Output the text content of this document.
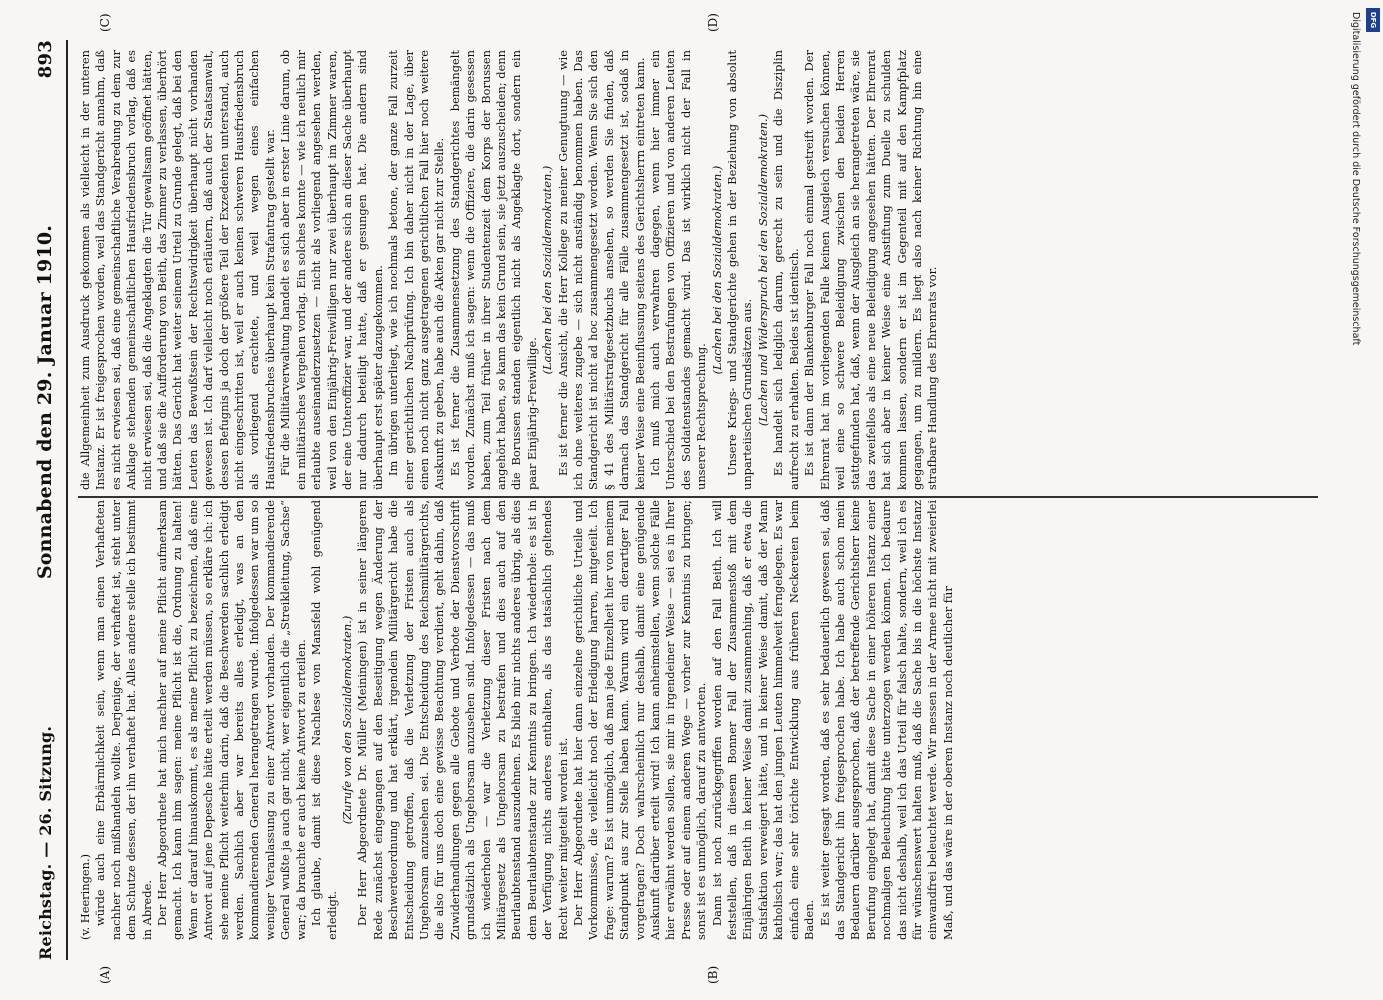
Reichstag. — 26. Sitzung.
Sonnabend den 29. Januar 1910.
893
(A)	(B)
(C)	(D)

(v. Heeringen.) würde auch eine Erbärmlichkeit sein, wenn man einen Verhafteten nachher noch mißhandeln wollte. Derjenige, der verhaftet ist, steht unter dem Schutze dessen, der ihn verhaftet hat. Alles andere stelle ich bestimmt in Abrede. Der Herr Abgeordnete hat mich nachher auf meine Pflicht aufmerksam gemacht. Ich kann ihm sagen: meine Pflicht ist die, Ordnung zu halten! Wenn er darauf hinauskommt, es als meine Pflicht zu bezeichnen, daß eine Antwort auf jene Depesche hätte erteilt werden müssen, so erkläre ich: ich sehe meine Pflicht weiterhin darin, daß die Beschwerden sachlich erledigt werden. Sachlich aber war bereits alles erledigt, was an den kommandierenden General herangetragen wurde. Infolgedessen war um so weniger Veranlassung zu einer Antwort vorhanden. Der kommandierende General wußte ja auch gar nicht, wer eigentlich die „Streikleitung, Sachse“ war; da brauchte er auch keine Antwort zu erteilen. Ich glaube, damit ist diese Nachlese von Mansfeld wohl genügend erledigt.

(Zurufe von den Sozialdemokraten.) Der Herr Abgeordnete Dr. Müller (Meiningen) ist in seiner längeren Rede zunächst eingegangen auf den Beseitigung wegen Änderung der Beschwerdeordnung und hat erklärt, irgendein Militärgericht habe die Entscheidung getroffen, daß die Verletzung der Fristen auch als Ungehorsam anzusehen sei. Die Entscheidung des Reichsmilitärgerichts, die also für uns doch eine gewisse Beachtung verdient, geht dahin, daß Zuwiderhandlungen gegen alle Gebote und Verbote der Dienstvorschrift grundsätzlich als Ungehorsam anzusehen sind. Infolgedessen — das muß ich wiederholen — war die Verletzung dieser Fristen nach dem Militärgesetz als Ungehorsam zu bestrafen und dies auch auf den Beurlaubtenstand auszudehnen. Es blieb mir nichts anderes übrig, als dies dem Beurlaubtenstande zur Kenntnis zu bringen. Ich wiederhole: es ist in der Verfügung nichts anderes enthalten, als das tatsächlich geltendes Recht weiter mitgeteilt worden ist. Der Herr Abgeordnete hat hier dann einzelne gerichtliche Urteile und Vorkommnisse, die vielleicht noch der Erledigung harren, mitgeteilt. Ich frage: warum? Es ist unmöglich, daß man jede Einzelheit hier von meinem Standpunkt aus zur Stelle haben kann. Warum wird ein derartiger Fall vorgetragen? Doch wahrscheinlich nur deshalb, damit eine genügende Auskunft darüber erteilt wird! Ich kann anheimstellen, wenn solche Fälle hier erwähnt werden sollen, sie mir in irgendeiner Weise — sei es in Ihrer Presse oder auf einem anderen Wege — vorher zur Kenntnis zu bringen; sonst ist es unmöglich, darauf zu antworten. Dann ist noch zurückgegriffen worden auf den Fall Beith. Ich will feststellen, daß in diesem Bonner Fall der Zusammenstoß mit dem Einjährigen Beith in keiner Weise damit zusammenhing, daß er etwa die Satisfaktion verweigert hätte, und in keiner Weise damit, daß der Mann katholisch war; das hat den jungen Leuten himmelweit ferngelegen. Es war einfach eine sehr törichte Entwicklung aus früheren Neckereien beim Baden. Es ist weiter gesagt worden, daß es sehr bedauerlich gewesen sei, daß das Standgericht ihn freigesprochen habe. Ich habe auch schon mein Bedauern darüber ausgesprochen, daß der betreffende Gerichtsherr keine Berufung eingelegt hat, damit diese Sache in einer höheren Instanz einer nochmaligen Beleuchtung hätte unterzogen werden können. Ich bedaure das nicht deshalb, weil ich das Urteil für falsch halte, sondern, weil ich es für wünschenswert halten muß, daß die Sache bis in die höchste Instanz einwandfrei beleuchtet werde. Wir messen in der Armee nicht mit zweierlei Maß, und das wäre in der oberen Instanz noch deutlicher für

die Allgemeinheit zum Ausdruck gekommen als vielleicht in der unteren Instanz. Er ist freigesprochen worden, weil das Standgericht annahm, daß es nicht erwiesen sei, daß eine gemeinschaftliche Verabredung zu dem zur Anklage stehenden gemeinschaftlichen Hausfriedensbruch vorlag, daß es nicht erwiesen sei, daß die Angeklagten die Tür gewaltsam geöffnet hätten, und daß sie die Aufforderung von Beith, das Zimmer zu verlassen, überhört hätten. Das Gericht hat weiter seinem Urteil zu Grunde gelegt, daß bei den Leuten das Bewußtsein der Rechtswidrigkeit überhaupt nicht vorhanden gewesen ist. Ich darf vielleicht noch erläutern, daß auch der Staatsanwalt, dessen Befugnis ja doch der größere Teil der Exzedenten unterstand, auch nicht eingeschritten ist, weil er auch keinen schweren Hausfriedensbruch als vorliegend erachtete, und weil wegen eines einfachen Hausfriedensbruches überhaupt kein Strafantrag gestellt war. Für die Militärverwaltung handelt es sich aber in erster Linie darum, ob ein militärisches Vergehen vorlag. Ein solches konnte — wie ich neulich mir erlaubte auseinanderzusetzen — nicht als vorliegend angesehen werden, weil von den Einjährig-Freiwilligen nur zwei überhaupt im Zimmer waren, der eine Unteroffizier war, und der andere sich an dieser Sache überhaupt nur dadurch beteiligt hatte, daß er gesungen hat. Die andern sind überhaupt erst später dazugekommen. Im übrigen unterliegt, wie ich nochmals betone, der ganze Fall zurzeit einer gerichtlichen Nachprüfung. Ich bin daher nicht in der Lage, über einen noch nicht ganz ausgetragenen gerichtlichen Fall hier noch weitere Auskunft zu geben, habe auch die Akten gar nicht zur Stelle. Es ist ferner die Zusammensetzung des Standgerichtes bemängelt worden. Zunächst muß ich sagen: wenn die Offiziere, die darin gesessen haben, zum Teil früher in ihrer Studentenzeit dem Korps der Borussen angehört haben, so kann das kein Grund sein, sie jetzt auszuscheiden; denn die Borussen standen eigentlich nicht als Angeklagte dort, sondern ein paar Einjährig-Freiwillige.

(Lachen bei den Sozialdemokraten.) Es ist ferner die Ansicht, die Herr Kollege zu meiner Genugtuung — wie ich ohne weiteres zugebe — sich nicht anständig benommen haben. Das Standgericht ist nicht ad hoc zusammengesetzt worden. Wenn Sie sich den § 41 des Militärstrafgesetzbuchs ansehen, so werden Sie finden, daß darnach das Standgericht für alle Fälle zusammengesetzt ist, sodaß in keiner Weise eine Beeinflussung seitens des Gerichtsherrn eintreten kann. Ich muß mich auch verwahren dagegen, wenn hier immer ein Unterschied bei den Bestrafungen von Offizieren und von anderen Leuten des Soldatenstandes gemacht wird. Das ist wirklich nicht der Fall in unserer Rechtsprechung.

(Lachen bei den Sozialdemokraten.) Unsere Kriegs- und Standgerichte gehen in der Beziehung von absolut unparteiischen Grundsätzen aus. (Lachen und Widerspruch bei den Sozialdemokraten.) Es handelt sich lediglich darum, gerecht zu sein und die Disziplin aufrecht zu erhalten. Beides ist identisch. Es ist dann der Blankenburger Fall noch einmal gestreift worden. Der Ehrenrat hat im vorliegenden Falle keinen Ausgleich versuchen können, weil eine so schwere Beleidigung zwischen den beiden Herren stattgefunden hat, daß, wenn der Ausgleich an sie herangetreten wäre, sie das zweifellos als eine neue Beleidigung angesehen hätten. Der Ehrenrat hat sich aber in keiner Weise eine Anstiftung zum Duelle zu schulden kommen lassen, sondern er ist im Gegenteil mit auf den Kampfplatz gegangen, um zu mildern. Es liegt also nach keiner Richtung hin eine strafbare Handlung des Ehrenrats vor.

DFG
Digitalisierung gefördert durch die Deutsche Forschungsgemeinschaft
